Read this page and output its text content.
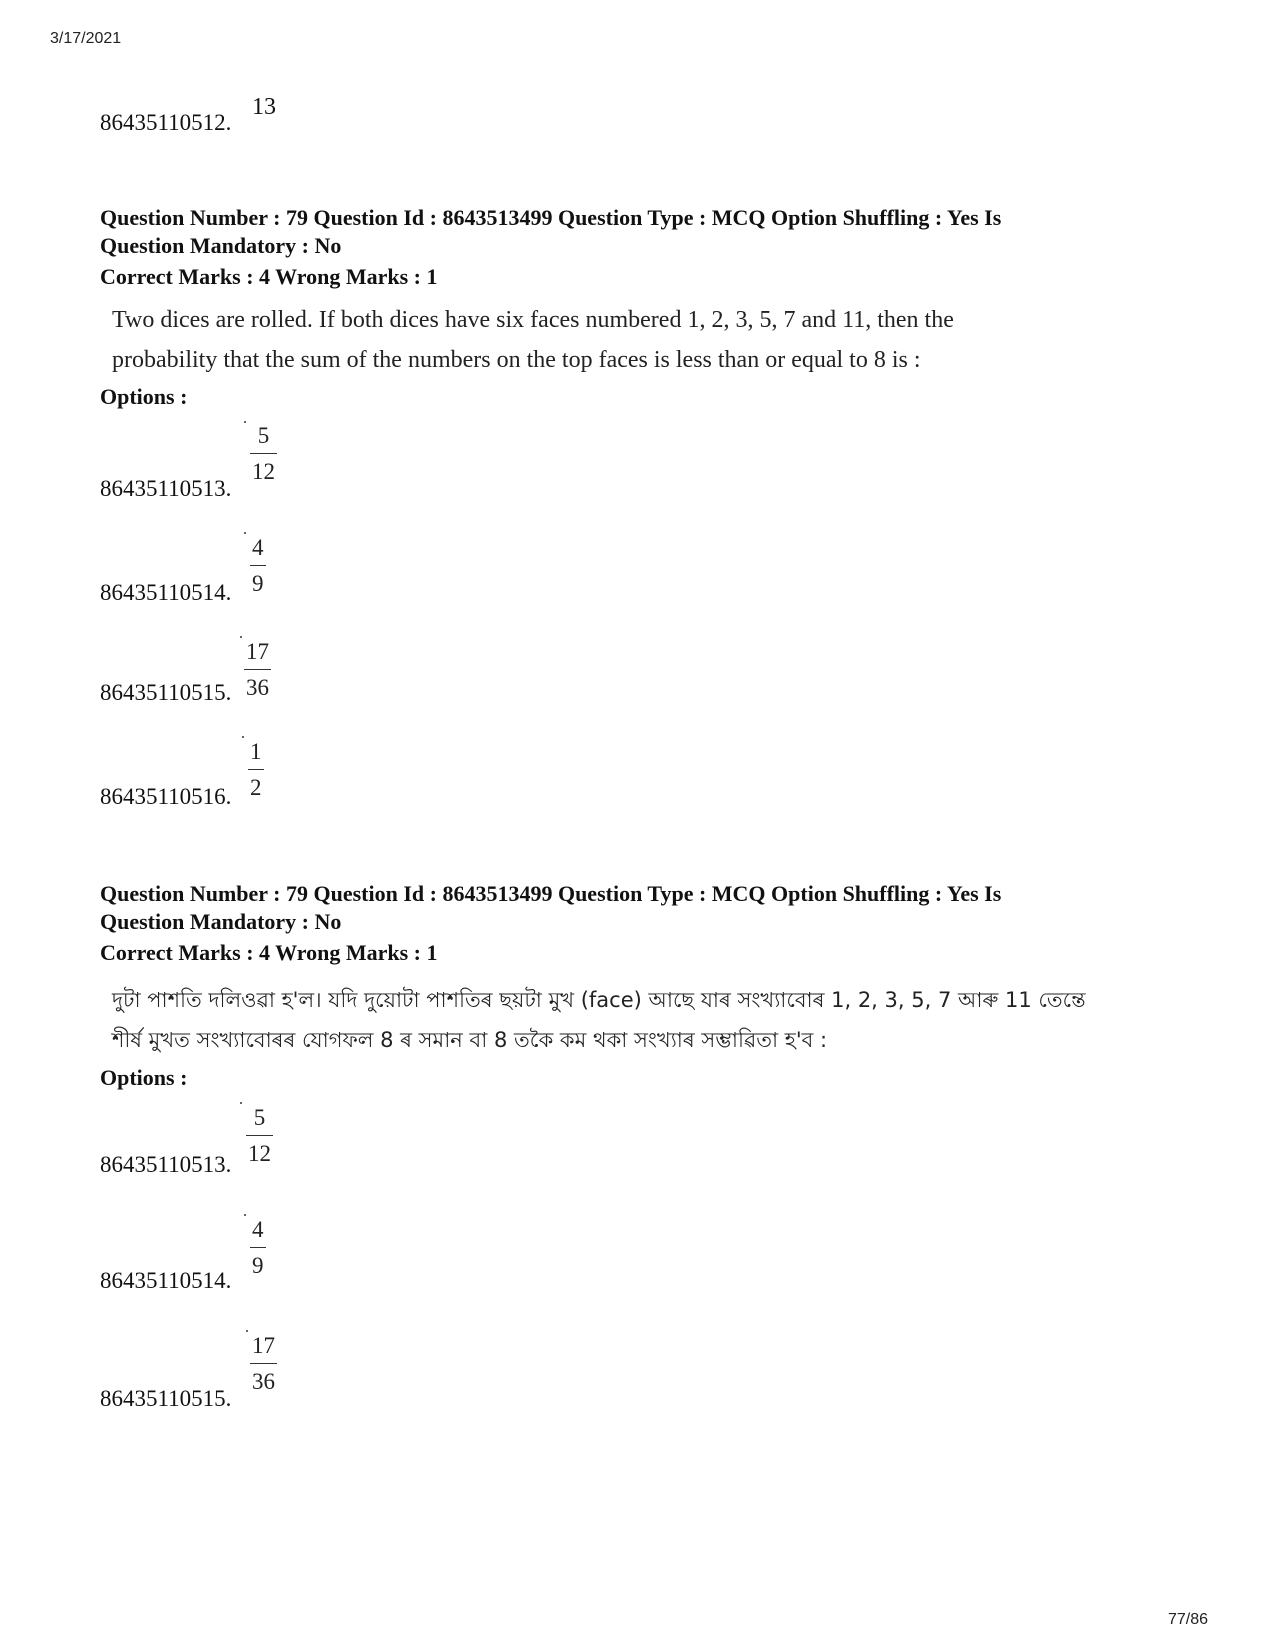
3/17/2021
86435110512.
13
Question Number : 79 Question Id : 8643513499 Question Type : MCQ Option Shuffling : Yes Is
Question Mandatory : No
Correct Marks : 4 Wrong Marks : 1
Two dices are rolled. If both dices have six faces numbered 1, 2, 3, 5, 7 and 11, then the
probability that the sum of the numbers on the top faces is less than or equal to 8 is :
Options :
86435110513.
5
12
86435110514.
4
9
86435110515.
17
36
86435110516.
1
2
Question Number : 79 Question Id : 8643513499 Question Type : MCQ Option Shuffling : Yes Is
Question Mandatory : No
Correct Marks : 4 Wrong Marks : 1
দুটা পাশতি দলিওৱা হ'ল। যদি দুয়োটা পাশতিৰ ছয়টা মুখ (face) আছে যাৰ সংখ্যাবোৰ 1, 2, 3, 5, 7 আৰু 11 তেন্তে
শীৰ্ষ মুখত সংখ্যাবোৰৰ যোগফল 8 ৰ সমান বা 8 তকৈ কম থকা সংখ্যাৰ সম্ভাৱিতা হ'ব :
Options :
86435110513.
5
12
86435110514.
4
9
86435110515.
17
36
77/86
